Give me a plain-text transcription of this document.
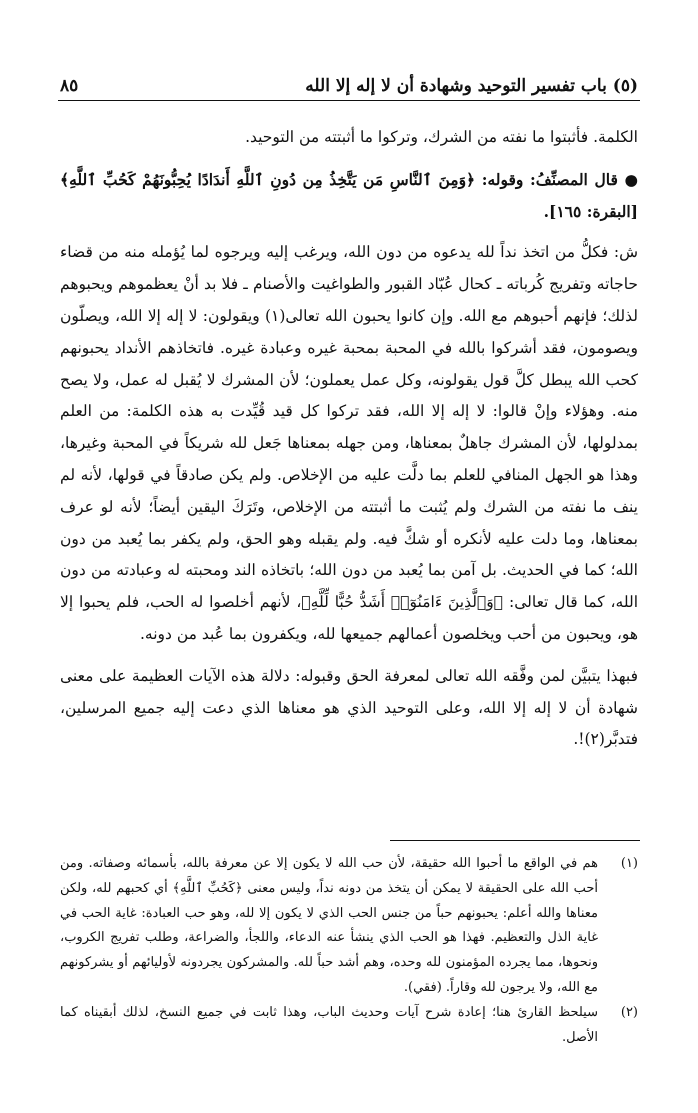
(٥) باب تفسير التوحيد وشهادة أن لا إله إلا الله
٨٥

الكلمة. فأثبتوا ما نفته من الشرك، وتركوا ما أثبتته من التوحيد.

● قال المصنِّفُ: وقوله: ﴿وَمِنَ ٱلنَّاسِ مَن يَتَّخِذُ مِن دُونِ ٱللَّهِ أَندَادًا يُحِبُّونَهُمْ كَحُبِّ ٱللَّهِ﴾ [البقرة: ١٦٥].

ش: فكلُّ من اتخذ نداً لله يدعوه من دون الله، ويرغب إليه ويرجوه لما يُؤمله منه من قضاء حاجاته وتفريج كُرباته ـ كحال عُبّاد القبور والطواغيت والأصنام ـ فلا بد أنْ يعظموهم ويحبوهم لذلك؛ فإنهم أحبوهم مع الله. وإن كانوا يحبون الله تعالى(١) ويقولون: لا إله إلا الله، ويصلّون ويصومون، فقد أشركوا بالله في المحبة بمحبة غيره وعبادة غيره. فاتخاذهم الأنداد يحبونهم كحب الله يبطل كلَّ قول يقولونه، وكل عمل يعملون؛ لأن المشرك لا يُقبل له عمل، ولا يصح منه. وهؤلاء وإنْ قالوا: لا إله إلا الله، فقد تركوا كل قيد قُيِّدت به هذه الكلمة: من العلم بمدلولها، لأن المشرك جاهلٌ بمعناها، ومن جهله بمعناها جَعل لله شريكاً في المحبة وغيرها، وهذا هو الجهل المنافي للعلم بما دلَّت عليه من الإخلاص. ولم يكن صادقاً في قولها، لأنه لم ينف ما نفته من الشرك ولم يُثبت ما أثبتته من الإخلاص، وتَرَكَ اليقين أيضاً؛ لأنه لو عرف بمعناها، وما دلت عليه لأنكره أو شكَّ فيه. ولم يقبله وهو الحق، ولم يكفر بما يُعبد من دون الله؛ كما في الحديث. بل آمن بما يُعبد من دون الله؛ باتخاذه الند ومحبته له وعبادته من دون الله، كما قال تعالى: ﴿وَٱلَّذِينَ ءَامَنُوٓا۟ أَشَدُّ حُبًّا لِّلَّهِ﴾، لأنهم أخلصوا له الحب، فلم يحبوا إلا هو، ويحبون من أحب ويخلصون أعمالهم جميعها لله، ويكفرون بما عُبد من دونه.

فبهذا يتبيَّن لمن وفَّقه الله تعالى لمعرفة الحق وقبوله: دلالة هذه الآيات العظيمة على معنى شهادة أن لا إله إلا الله، وعلى التوحيد الذي هو معناها الذي دعت إليه جميع المرسلين، فتدبَّر(٢)!.

(١)
هم في الواقع ما أحبوا الله حقيقة، لأن حب الله لا يكون إلا عن معرفة بالله، بأسمائه وصفاته. ومن أحب الله على الحقيقة لا يمكن أن يتخذ من دونه نداً، وليس معنى ﴿كَحُبِّ ٱللَّهِ﴾ أي كحبهم لله، ولكن معناها والله أعلم: يحبونهم حباً من جنس الحب الذي لا يكون إلا لله، وهو حب العبادة: غاية الحب في غاية الذل والتعظيم. فهذا هو الحب الذي ينشأ عنه الدعاء، واللجأ، والضراعة، وطلب تفريج الكروب، ونحوها، مما يجرده المؤمنون لله وحده، وهم أشد حباً لله. والمشركون يجردونه لأوليائهم أو يشركونهم مع الله، ولا يرجون لله وقاراً. (فقي).
(٢)
سيلحظ القارئ هنا؛ إعادة شرح آيات وحديث الباب، وهذا ثابت في جميع النسخ، لذلك أبقيناه كما الأصل.
